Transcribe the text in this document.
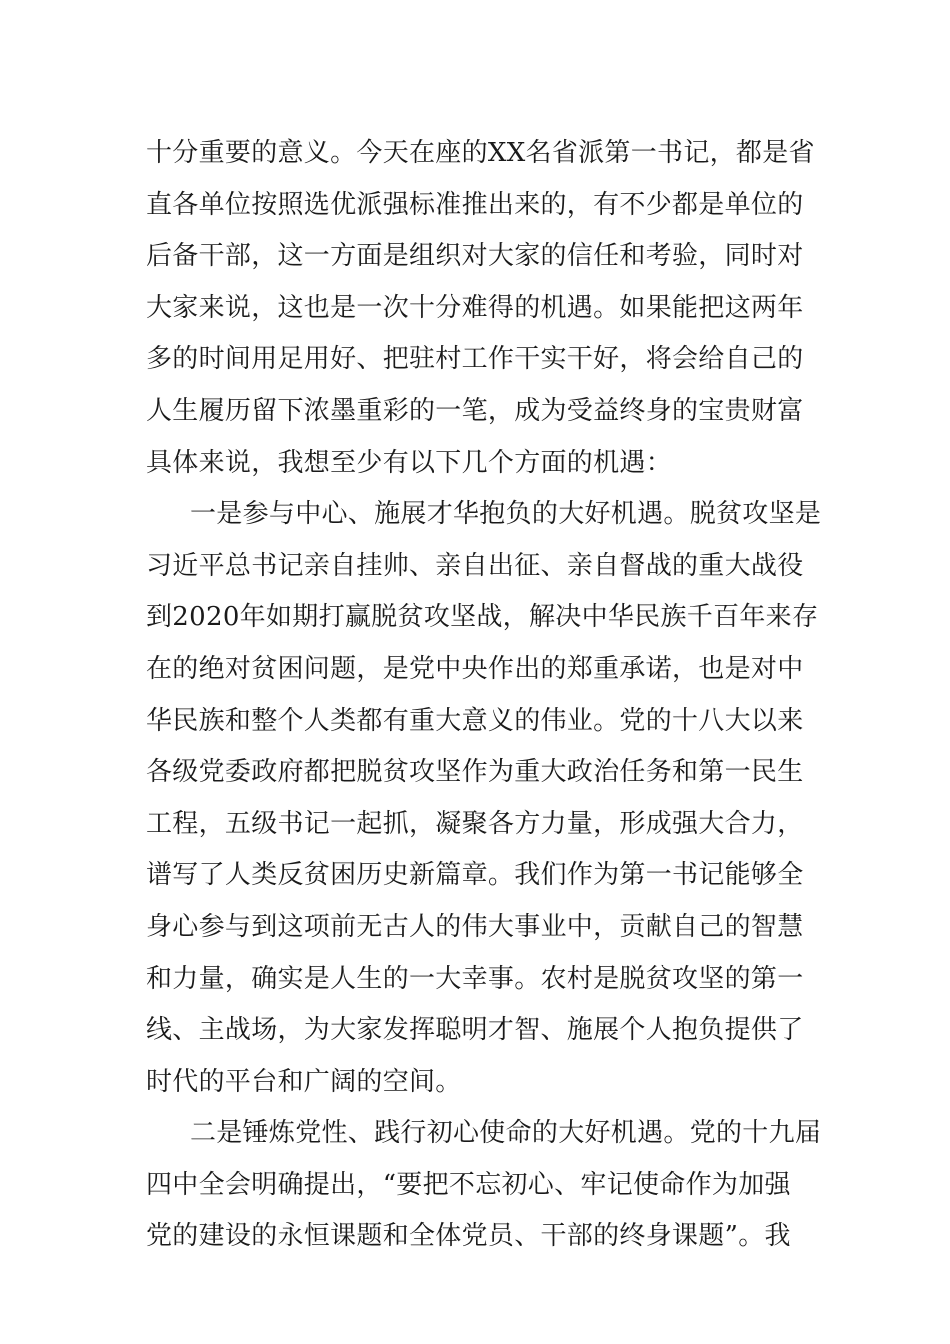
十分重要的意义。今天在座的XX名省派第一书记，都是省
直各单位按照选优派强标准推出来的，有不少都是单位的
后备干部，这一方面是组织对大家的信任和考验，同时对
大家来说，这也是一次十分难得的机遇。如果能把这两年
多的时间用足用好、把驻村工作干实干好，将会给自己的
人生履历留下浓墨重彩的一笔，成为受益终身的宝贵财富
具体来说，我想至少有以下几个方面的机遇：
一是参与中心、施展才华抱负的大好机遇。脱贫攻坚是
习近平总书记亲自挂帅、亲自出征、亲自督战的重大战役
到2020年如期打赢脱贫攻坚战，解决中华民族千百年来存
在的绝对贫困问题，是党中央作出的郑重承诺，也是对中
华民族和整个人类都有重大意义的伟业。党的十八大以来
各级党委政府都把脱贫攻坚作为重大政治任务和第一民生
工程，五级书记一起抓，凝聚各方力量，形成强大合力，
谱写了人类反贫困历史新篇章。我们作为第一书记能够全
身心参与到这项前无古人的伟大事业中，贡献自己的智慧
和力量，确实是人生的一大幸事。农村是脱贫攻坚的第一
线、主战场，为大家发挥聪明才智、施展个人抱负提供了
时代的平台和广阔的空间。
二是锤炼党性、践行初心使命的大好机遇。党的十九届
四中全会明确提出，“要把不忘初心、牢记使命作为加强
党的建设的永恒课题和全体党员、干部的终身课题”。我
